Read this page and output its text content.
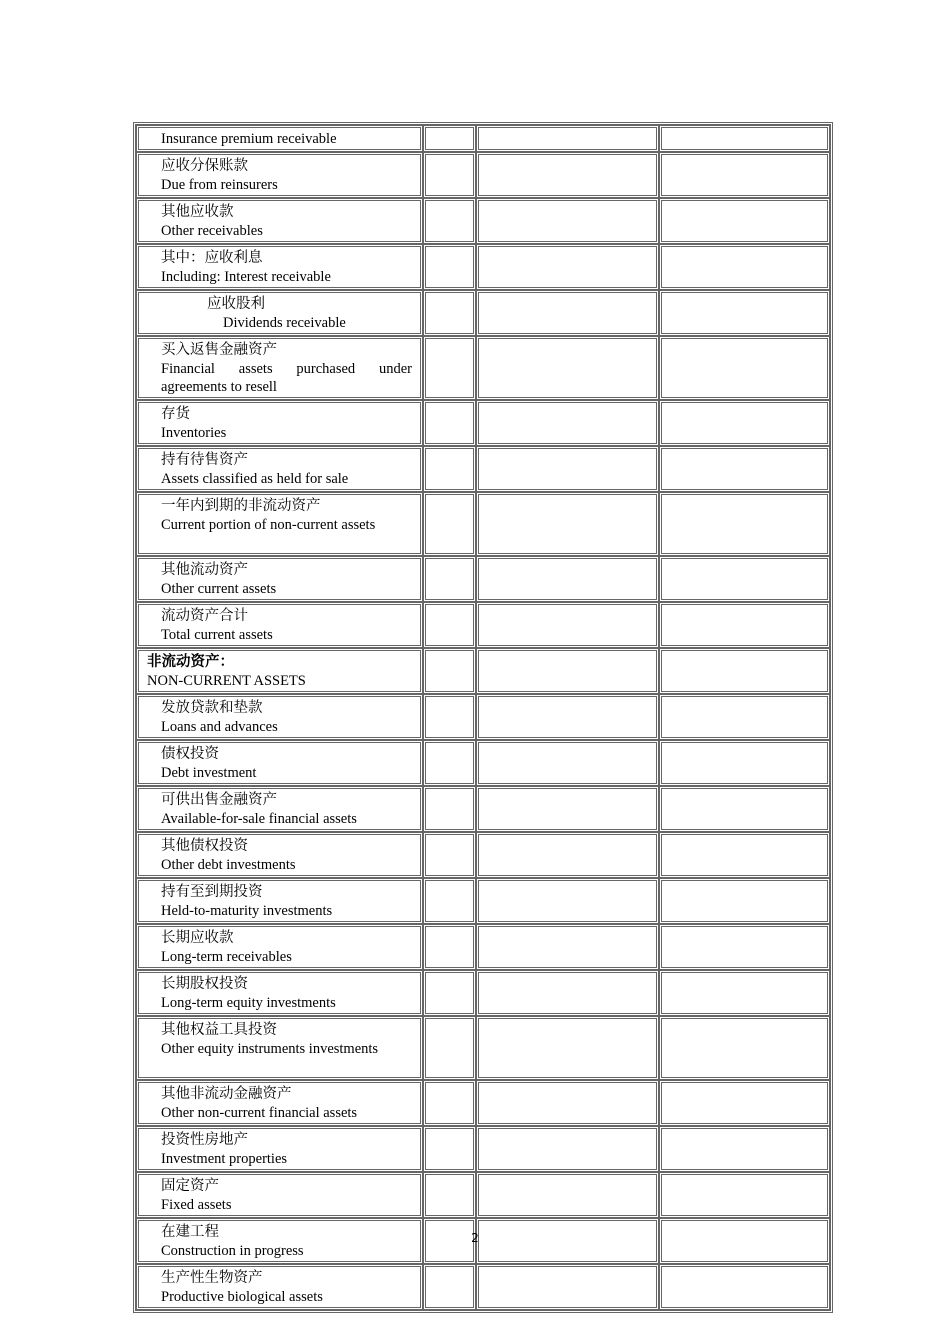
Insurance premium receivable			

应收分保账款
Due from reinsurers			

其他应收款
Other receivables			

其中：应收利息
Including: Interest receivable			

应收股利
Dividends receivable			

买入返售金融资产
Financial assets purchased under agreements to resell			

存货
Inventories			

持有待售资产
Assets classified as held for sale			

一年内到期的非流动资产
Current portion of non-current assets			

其他流动资产
Other current assets			

流动资产合计
Total current assets			

非流动资产：
NON-CURRENT ASSETS			

发放贷款和垫款
Loans and advances			

债权投资
Debt investment			

可供出售金融资产
Available-for-sale financial assets			

其他债权投资
Other debt investments			

持有至到期投资
Held-to-maturity investments			

长期应收款
Long-term receivables			

长期股权投资
Long-term equity investments			

其他权益工具投资
Other equity instruments investments			

其他非流动金融资产
Other non-current financial assets			

投资性房地产
Investment properties			

固定资产
Fixed assets			

在建工程
Construction in progress			

生产性生物资产
Productive biological assets			

2
